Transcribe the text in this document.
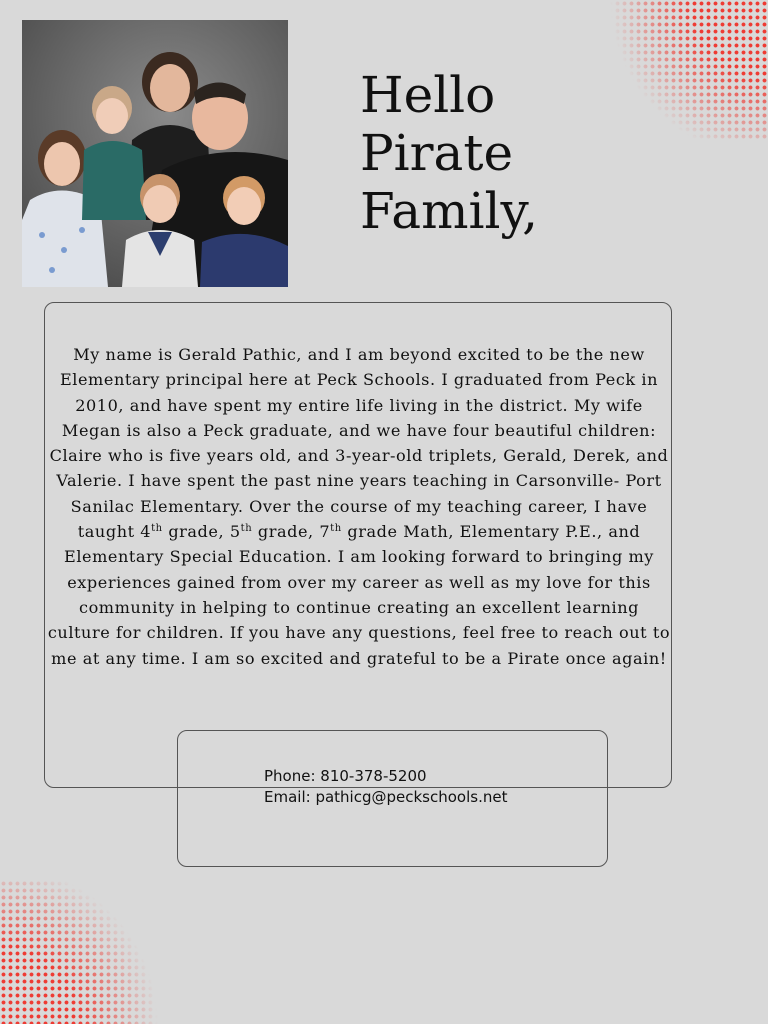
Hello
Pirate
Family,

My name is Gerald Pathic, and I am beyond excited to be the new Elementary principal here at Peck Schools. I graduated from Peck in 2010, and have spent my entire life living in the district. My wife Megan is also a Peck graduate, and we have four beautiful children: Claire who is five years old, and 3-year-old triplets, Gerald, Derek, and Valerie. I have spent the past nine years teaching in Carsonville- Port Sanilac Elementary. Over the course of my teaching career, I have taught 4th grade, 5th grade, 7th grade Math, Elementary P.E., and Elementary Special Education. I am looking forward to bringing my experiences gained from over my career as well as my love for this community in helping to continue creating an excellent learning culture for children. If you have any questions, feel free to reach out to me at any time. I am so excited and grateful to be a Pirate once again!

Phone: 810-378-5200
Email: pathicg@peckschools.net
